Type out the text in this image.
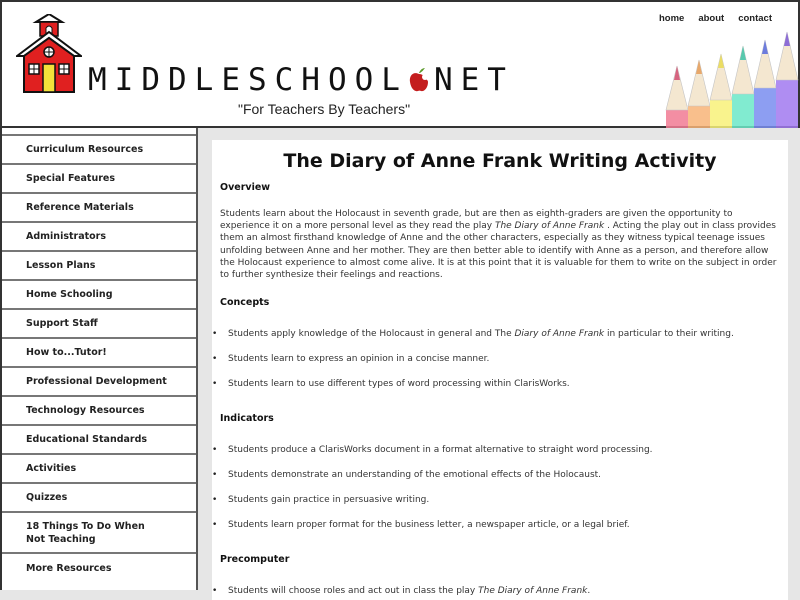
MIDDLESCHOOL NET
"For Teachers By Teachers"
home about contact
Curriculum Resources
Special Features
Reference Materials
Administrators
Lesson Plans
Home Schooling
Support Staff
How to...Tutor!
Professional Development
Technology Resources
Educational Standards
Activities
Quizzes
18 Things To Do When Not Teaching
More Resources
The Diary of Anne Frank Writing Activity
Overview

Students learn about the Holocaust in seventh grade, but are then as eighth-graders are given the opportunity to experience it on a more personal level as they read the play The Diary of Anne Frank . Acting the play out in class provides them an almost firsthand knowledge of Anne and the other characters, especially as they witness typical teenage issues unfolding between Anne and her mother. They are then better able to identify with Anne as a person, and therefore allow the Holocaust experience to almost come alive. It is at this point that it is valuable for them to write on the subject in order to further synthesize their feelings and reactions.

Concepts
• Students apply knowledge of the Holocaust in general and The Diary of Anne Frank in particular to their writing.
• Students learn to express an opinion in a concise manner.
• Students learn to use different types of word processing within ClarisWorks.
Indicators
• Students produce a ClarisWorks document in a format alternative to straight word processing.
• Students demonstrate an understanding of the emotional effects of the Holocaust.
• Students gain practice in persuasive writing.
• Students learn proper format for the business letter, a newspaper article, or a legal brief.
Precomputer
• Students will choose roles and act out in class the play The Diary of Anne Frank.
